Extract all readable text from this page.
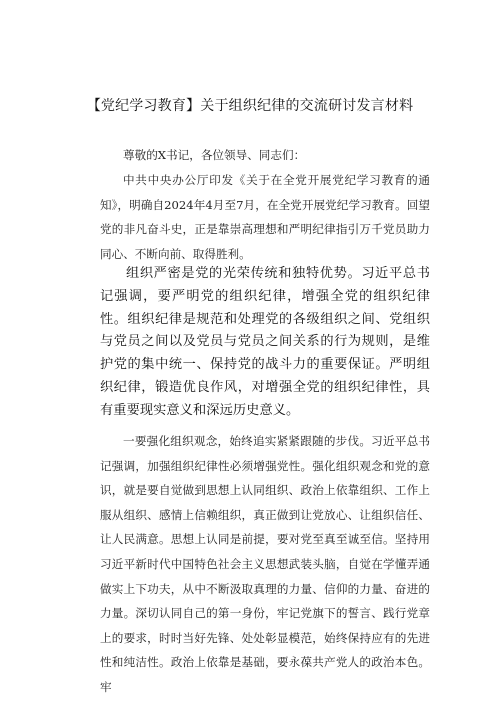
【党纪学习教育】关于组织纪律的交流研讨发言材料
尊敬的X书记，各位领导、同志们：
中共中央办公厅印发《关于在全党开展党纪学习教育的通知》，明确自2024年4月至7月，在全党开展党纪学习教育。回望党的非凡奋斗史，正是靠崇高理想和严明纪律指引万千党员助力同心、不断向前、取得胜利。
组织严密是党的光荣传统和独特优势。习近平总书记强调，要严明党的组织纪律，增强全党的组织纪律性。组织纪律是规范和处理党的各级组织之间、党组织与党员之间以及党员与党员之间关系的行为规则，是维护党的集中统一、保持党的战斗力的重要保证。严明组织纪律，锻造优良作风，对增强全党的组织纪律性，具有重要现实意义和深远历史意义。
一要强化组织观念，始终追实紧紧跟随的步伐。习近平总书记强调，加强组织纪律性必须增强党性。强化组织观念和党的意识，就是要自觉做到思想上认同组织、政治上依靠组织、工作上服从组织、感情上信赖组织，真正做到让党放心、让组织信任、让人民满意。思想上认同是前提，要对党至真至诚至信。坚持用习近平新时代中国特色社会主义思想武装头脑，自觉在学懂弄通做实上下功夫，从中不断汲取真理的力量、信仰的力量、奋进的力量。深切认同自己的第一身份，牢记党旗下的誓言、践行党章上的要求，时时当好先锋、处处彰显模范，始终保持应有的先进性和纯洁性。政治上依靠是基础，要永葆共产党人的政治本色。牢
